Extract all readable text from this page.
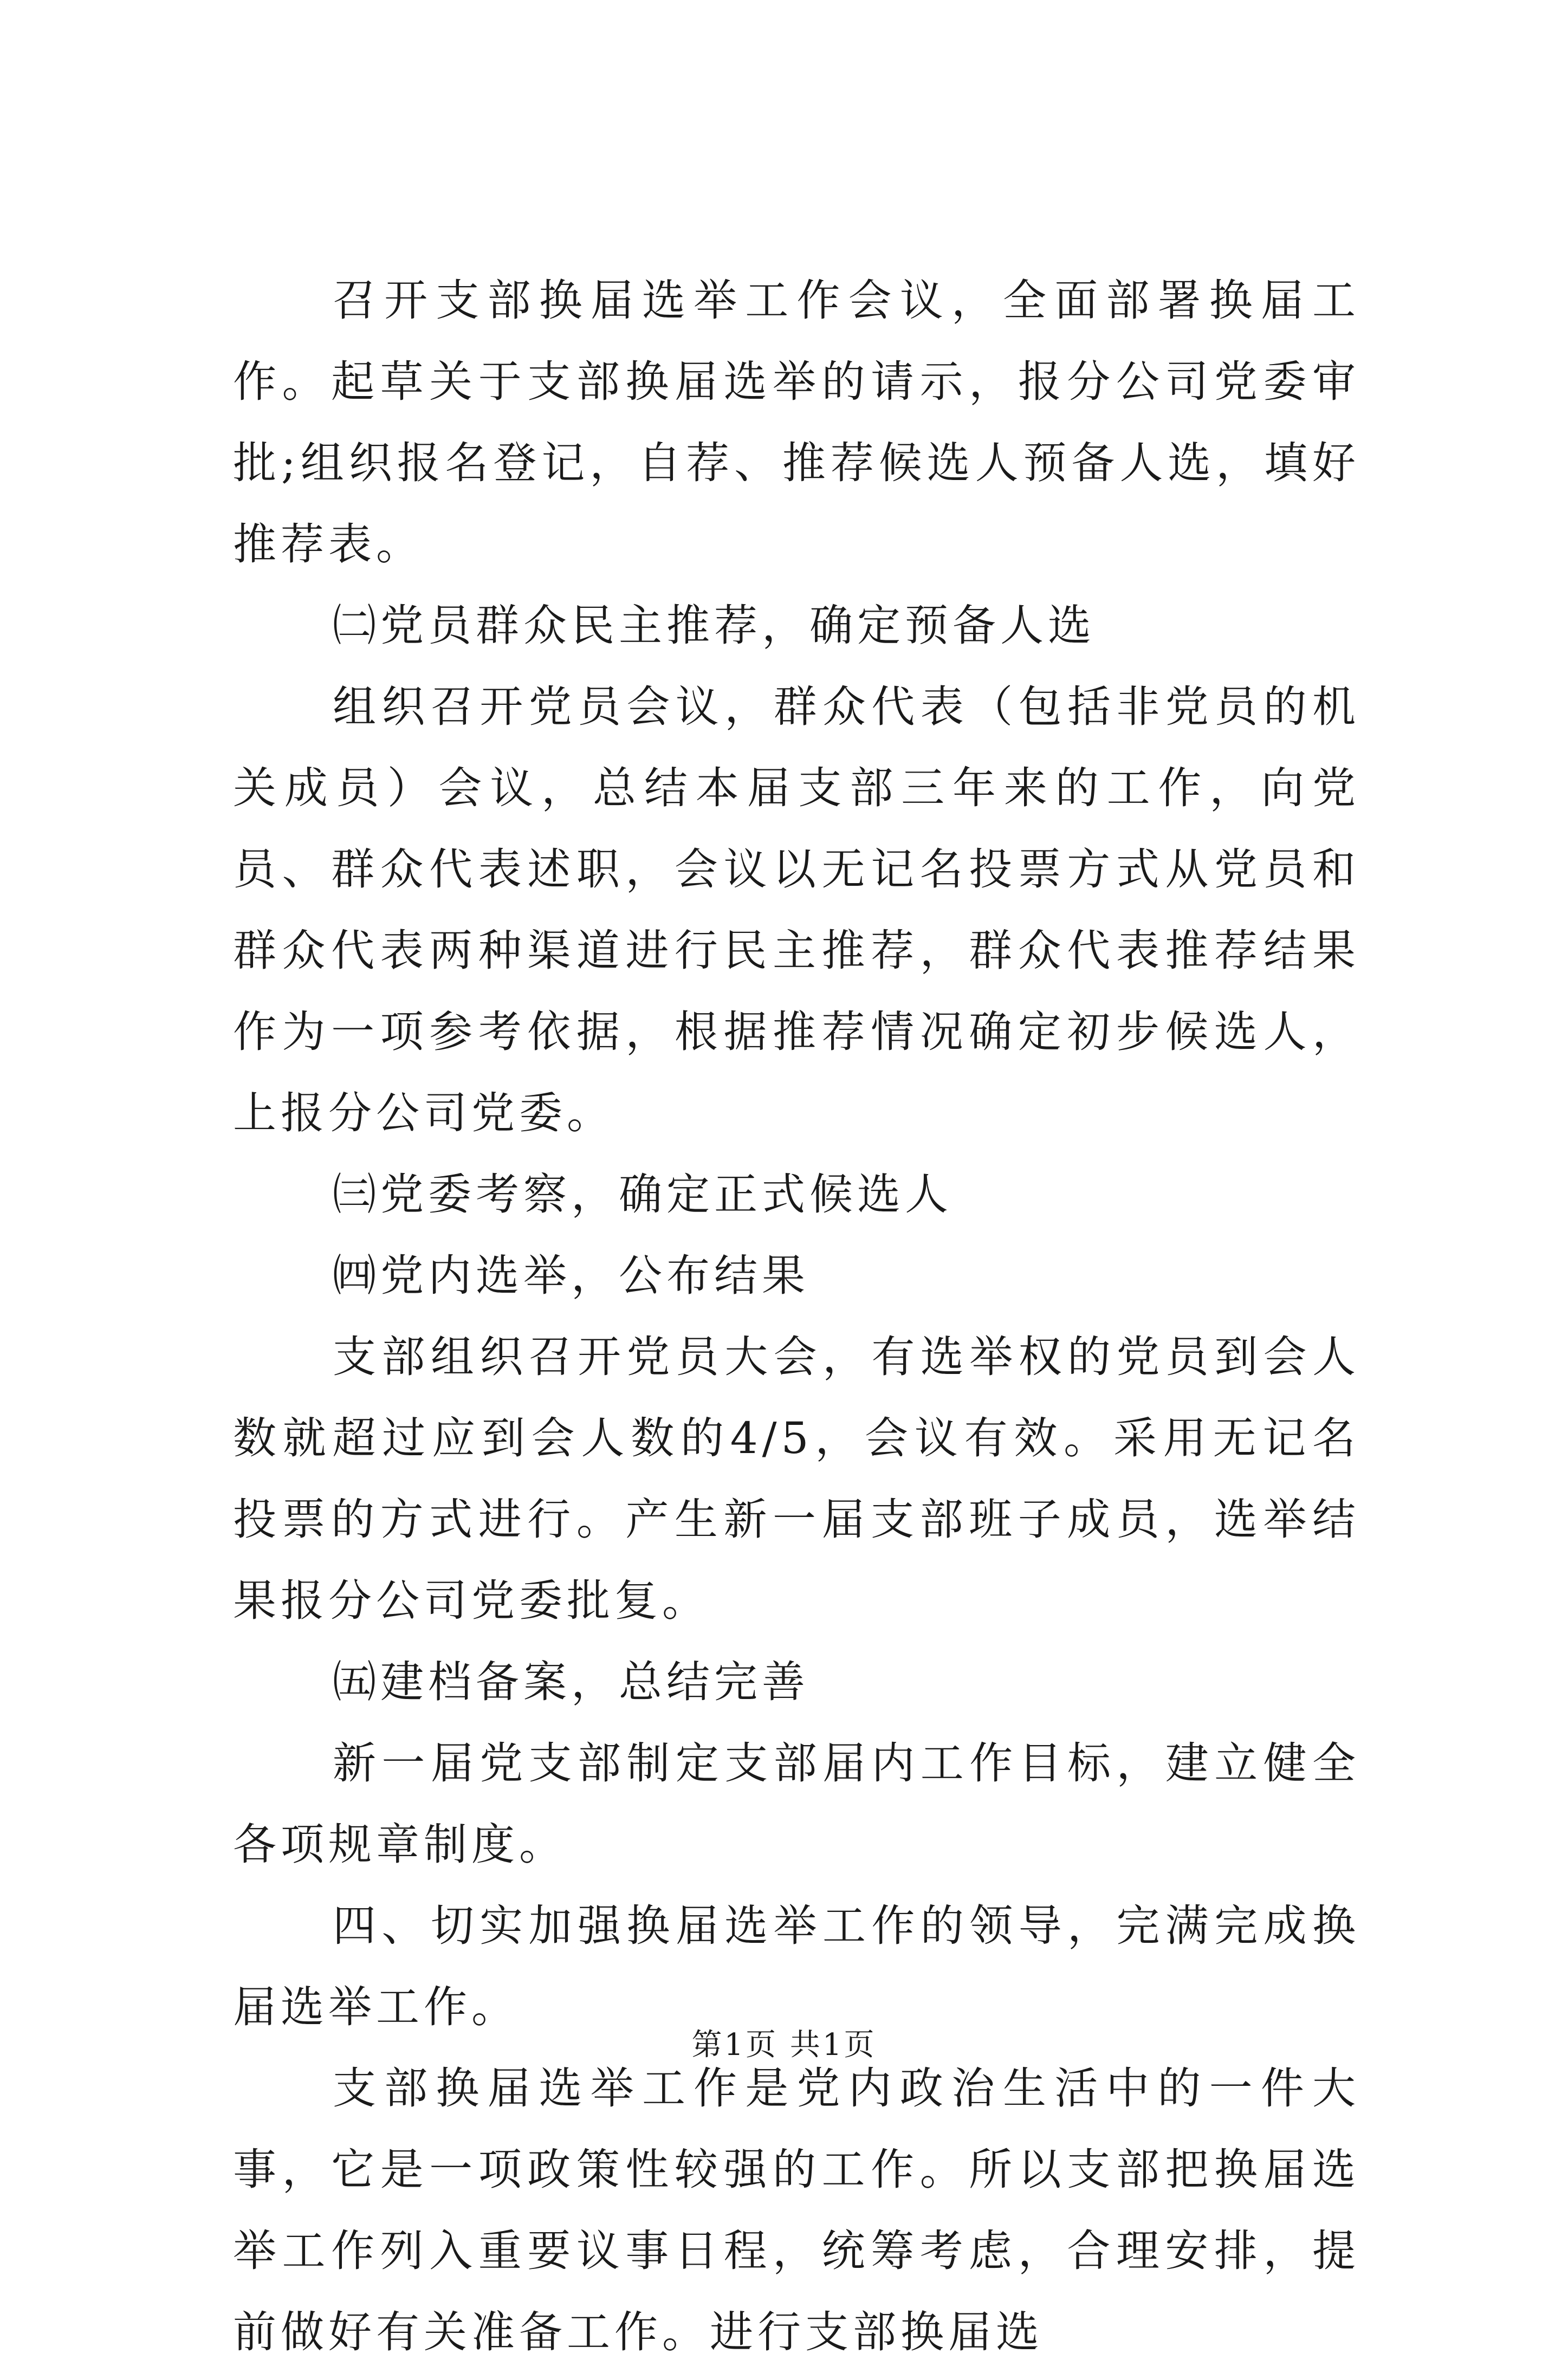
召开支部换届选举工作会议，全面部署换届工作。起草关于支部换届选举的请示，报分公司党委审批;组织报名登记，自荐、推荐候选人预备人选，填好推荐表。

㈡党员群众民主推荐，确定预备人选

组织召开党员会议，群众代表（包括非党员的机关成员）会议，总结本届支部三年来的工作，向党员、群众代表述职，会议以无记名投票方式从党员和群众代表两种渠道进行民主推荐，群众代表推荐结果作为一项参考依据，根据推荐情况确定初步候选人，上报分公司党委。

㈢党委考察，确定正式候选人

㈣党内选举，公布结果

支部组织召开党员大会，有选举权的党员到会人数就超过应到会人数的4/5，会议有效。采用无记名投票的方式进行。产生新一届支部班子成员，选举结果报分公司党委批复。

㈤建档备案，总结完善

新一届党支部制定支部届内工作目标，建立健全各项规章制度。

四、切实加强换届选举工作的领导，完满完成换届选举工作。

支部换届选举工作是党内政治生活中的一件大事，它是一项政策性较强的工作。所以支部把换届选举工作列入重要议事日程，统筹考虑，合理安排，提前做好有关准备工作。进行支部换届选

第1页 共1页
